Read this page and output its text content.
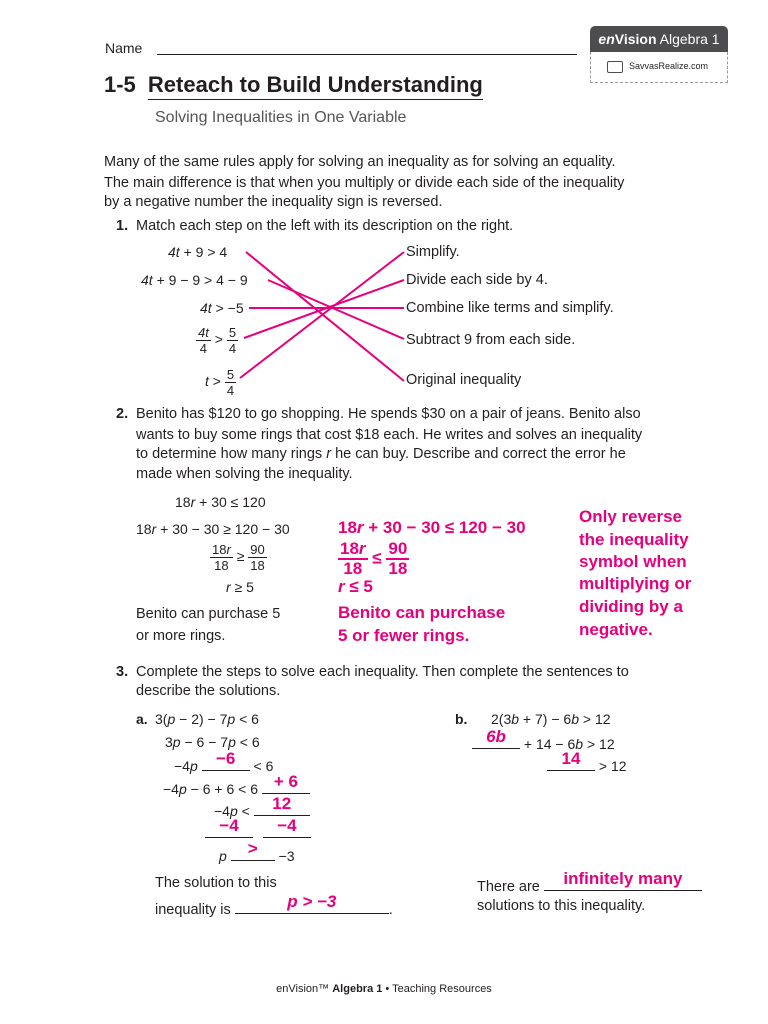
Name
enVision Algebra 1
SavvasRealize.com
1-5 Reteach to Build Understanding
Solving Inequalities in One Variable
Many of the same rules apply for solving an inequality as for solving an equality.
The main difference is that when you multiply or divide each side of the inequality
by a negative number the inequality sign is reversed.
1. Match each step on the left with its description on the right.
4t + 9 > 4
4t + 9 − 9 > 4 − 9
4t > −5
$\frac{4t}{4} > \frac{5}{4}$
$t > \frac{5}{4}$
Simplify.
Divide each side by 4.
Combine like terms and simplify.
Subtract 9 from each side.
Original inequality
2. Benito has $120 to go shopping. He spends $30 on a pair of jeans. Benito also
wants to buy some rings that cost $18 each. He writes and solves an inequality
to determine how many rings r he can buy. Describe and correct the error he
made when solving the inequality.
18r + 30 ≤ 120
18r + 30 − 30 ≥ 120 − 30
$\frac{18r}{18} \ge \frac{90}{18}$
r ≥ 5
Benito can purchase 5
or more rings.
18r + 30 − 30 ≤ 120 − 30
$\frac{18r}{18} \le \frac{90}{18}$
r ≤ 5
Benito can purchase
5 or fewer rings.
Only reverse
the inequality
symbol when
multiplying or
dividing by a
negative.
3. Complete the steps to solve each inequality. Then complete the sentences to
describe the solutions.
a. 3(p − 2) − 7p < 6
3p − 6 − 7p < 6
−4p	−6	< 6
−4p − 6 + 6 < 6 + 6
−4p <	12
−4
	−4
p	>	−3
The solution to this
inequality is	p > −3	.
b. 2(3b + 7) − 6b > 12
6b	+ 14 − 6b > 12
14	> 12
There are	infinitely many
solutions to this inequality.
enVision™ Algebra 1 • Teaching Resources
